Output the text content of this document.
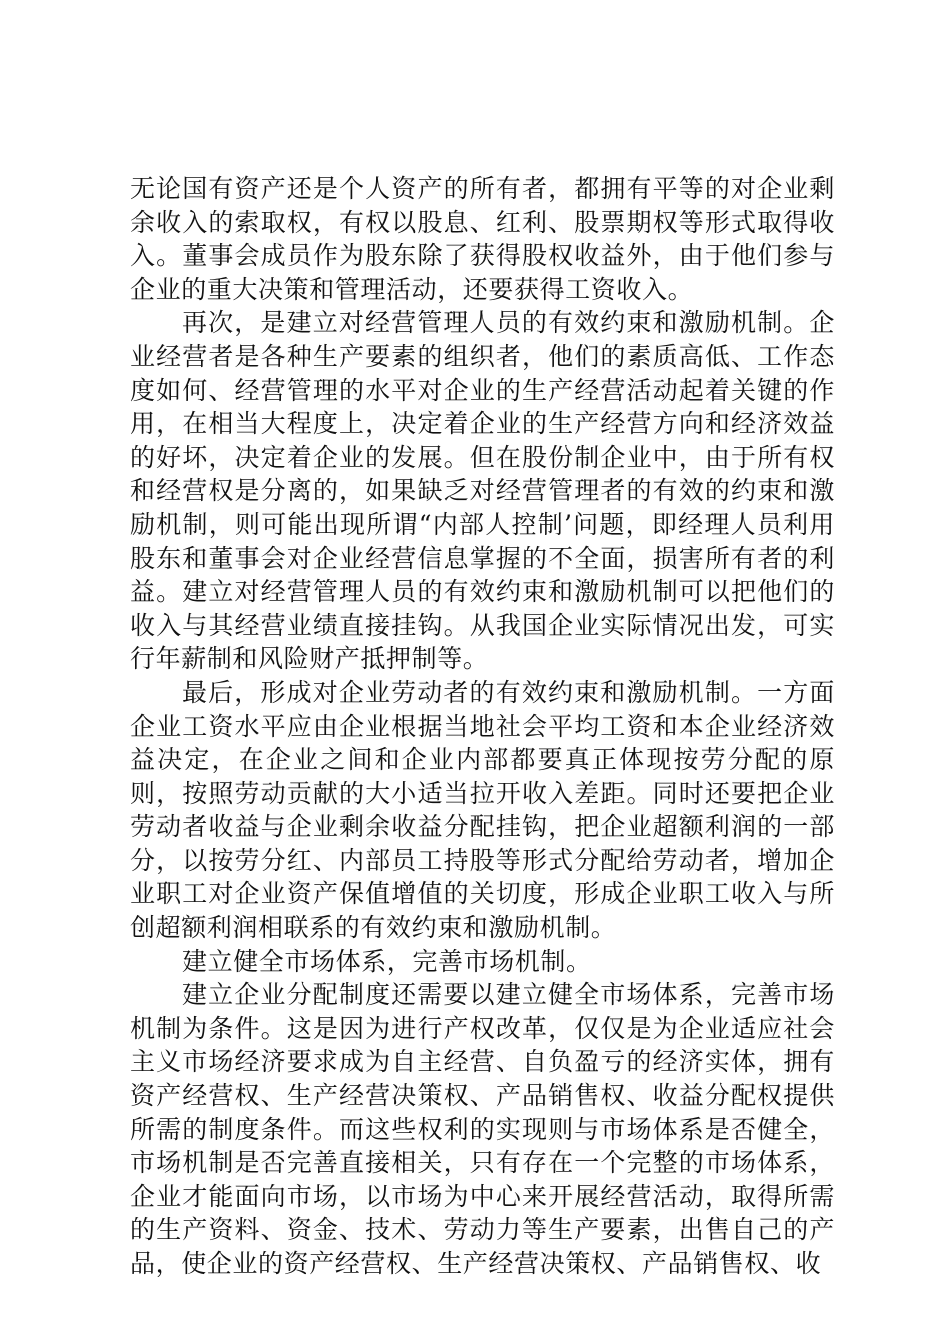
无论国有资产还是个人资产的所有者，都拥有平等的对企业剩余收入的索取权，有权以股息、红利、股票期权等形式取得收入。董事会成员作为股东除了获得股权收益外，由于他们参与企业的重大决策和管理活动，还要获得工资收入。

再次，是建立对经营管理人员的有效约束和激励机制。企业经营者是各种生产要素的组织者，他们的素质高低、工作态度如何、经营管理的水平对企业的生产经营活动起着关键的作用，在相当大程度上，决定着企业的生产经营方向和经济效益的好坏，决定着企业的发展。但在股份制企业中，由于所有权和经营权是分离的，如果缺乏对经营管理者的有效的约束和激励机制，则可能出现所谓“内部人控制’问题，即经理人员利用股东和董事会对企业经营信息掌握的不全面，损害所有者的利益。建立对经营管理人员的有效约束和激励机制可以把他们的收入与其经营业绩直接挂钩。从我国企业实际情况出发，可实行年薪制和风险财产抵押制等。

最后，形成对企业劳动者的有效约束和激励机制。一方面企业工资水平应由企业根据当地社会平均工资和本企业经济效益决定，在企业之间和企业内部都要真正体现按劳分配的原则，按照劳动贡献的大小适当拉开收入差距。同时还要把企业劳动者收益与企业剩余收益分配挂钩，把企业超额利润的一部分，以按劳分红、内部员工持股等形式分配给劳动者，增加企业职工对企业资产保值增值的关切度，形成企业职工收入与所创超额利润相联系的有效约束和激励机制。

建立健全市场体系，完善市场机制。

建立企业分配制度还需要以建立健全市场体系，完善市场机制为条件。这是因为进行产权改革，仅仅是为企业适应社会主义市场经济要求成为自主经营、自负盈亏的经济实体，拥有资产经营权、生产经营决策权、产品销售权、收益分配权提供所需的制度条件。而这些权利的实现则与市场体系是否健全，市场机制是否完善直接相关，只有存在一个完整的市场体系，企业才能面向市场，以市场为中心来开展经营活动，取得所需的生产资料、资金、技术、劳动力等生产要素，出售自己的产品，使企业的资产经营权、生产经营决策权、产品销售权、收
